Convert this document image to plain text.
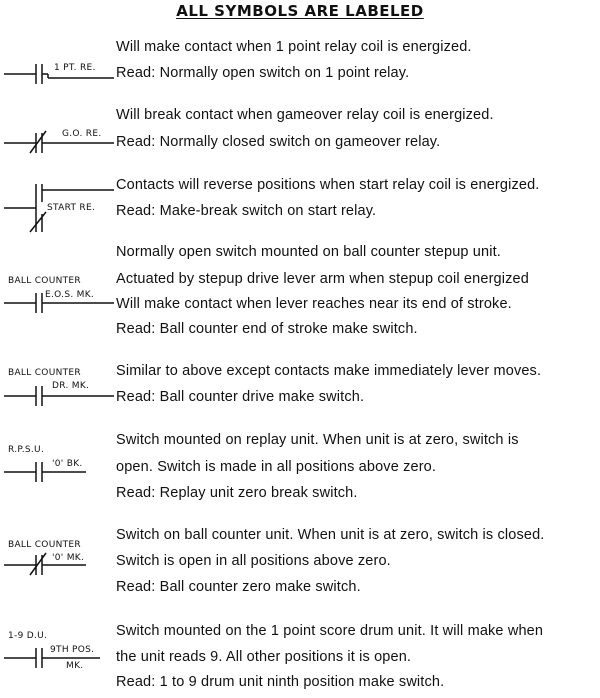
ALL SYMBOLS ARE LABELED
1 PT. RE.
G.O. RE.
START RE.
BALL COUNTER
E.O.S. MK.
BALL COUNTER
DR. MK.
R.P.S.U.
'0' BK.
BALL COUNTER
'0' MK.
1-9 D.U.
9TH POS.
MK.
Will make contact when 1 point relay coil is energized.
Read: Normally open switch on 1 point relay.
Will break contact when gameover relay coil is energized.
Read: Normally closed switch on gameover relay.
Contacts will reverse positions when start relay coil is energized.
Read: Make-break switch on start relay.
Normally open switch mounted on ball counter stepup unit.
Actuated by stepup drive lever arm when stepup coil energized
Will make contact when lever reaches near its end of stroke.
Read: Ball counter end of stroke make switch.
Similar to above except contacts make immediately lever moves.
Read: Ball counter drive make switch.
Switch mounted on replay unit. When unit is at zero, switch is
open. Switch is made in all positions above zero.
Read: Replay unit zero break switch.
Switch on ball counter unit. When unit is at zero, switch is closed.
Switch is open in all positions above zero.
Read: Ball counter zero make switch.
Switch mounted on the 1 point score drum unit. It will make when
the unit reads 9. All other positions it is open.
Read: 1 to 9 drum unit ninth position make switch.
